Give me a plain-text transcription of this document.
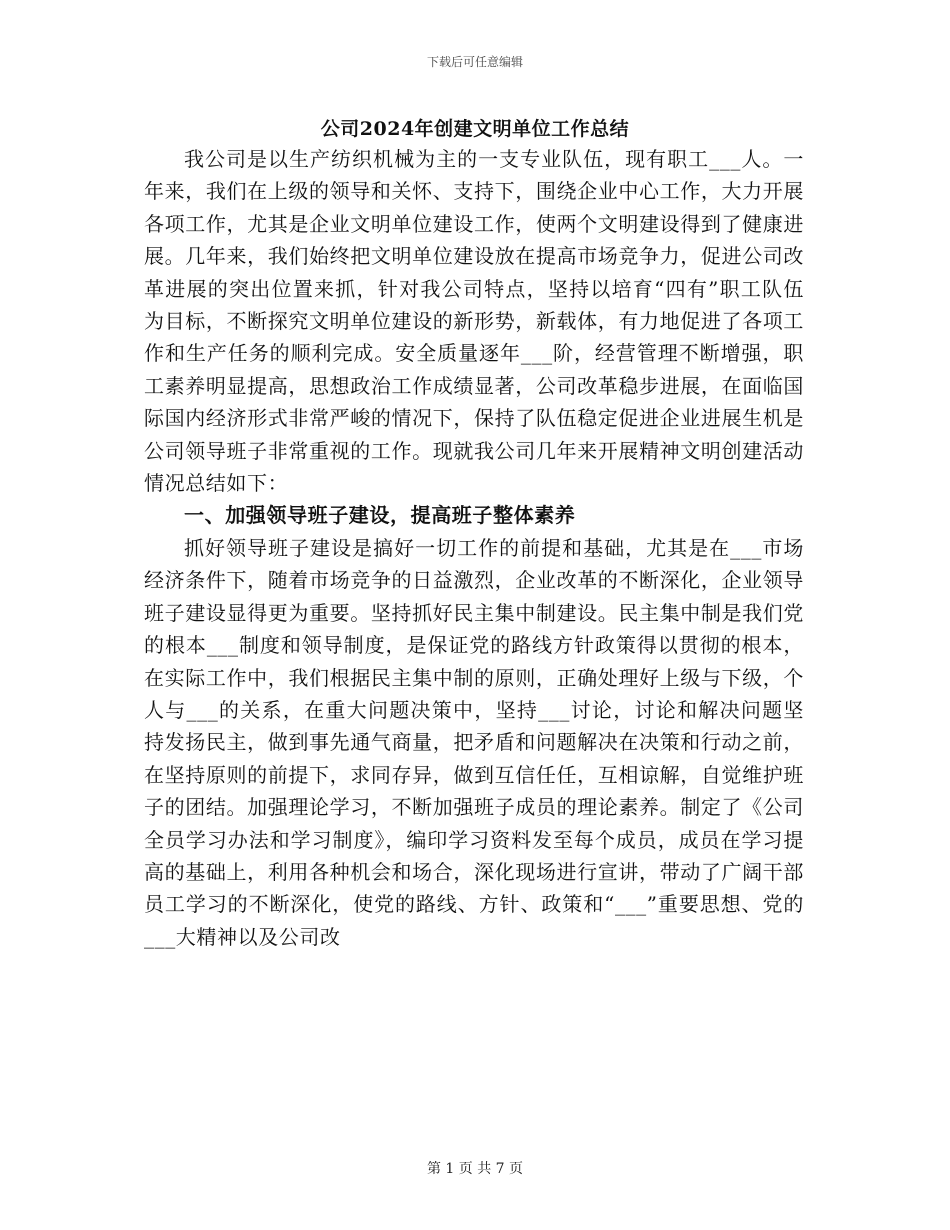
下载后可任意编辑
公司2024年创建文明单位工作总结

我公司是以生产纺织机械为主的一支专业队伍，现有职工___人。一年来，我们在上级的领导和关怀、支持下，围绕企业中心工作，大力开展各项工作，尤其是企业文明单位建设工作，使两个文明建设得到了健康进展。几年来，我们始终把文明单位建设放在提高市场竞争力，促进公司改革进展的突出位置来抓，针对我公司特点，坚持以培育“四有”职工队伍为目标，不断探究文明单位建设的新形势，新载体，有力地促进了各项工作和生产任务的顺利完成。安全质量逐年___阶，经营管理不断增强，职工素养明显提高，思想政治工作成绩显著，公司改革稳步进展，在面临国际国内经济形式非常严峻的情况下，保持了队伍稳定促进企业进展生机是公司领导班子非常重视的工作。现就我公司几年来开展精神文明创建活动情况总结如下：

一、加强领导班子建设，提高班子整体素养

抓好领导班子建设是搞好一切工作的前提和基础，尤其是在___市场经济条件下，随着市场竞争的日益激烈，企业改革的不断深化，企业领导班子建设显得更为重要。坚持抓好民主集中制建设。民主集中制是我们党的根本___制度和领导制度，是保证党的路线方针政策得以贯彻的根本，在实际工作中，我们根据民主集中制的原则，正确处理好上级与下级，个人与___的关系，在重大问题决策中，坚持___讨论，讨论和解决问题坚持发扬民主，做到事先通气商量，把矛盾和问题解决在决策和行动之前，在坚持原则的前提下，求同存异，做到互信任任，互相谅解，自觉维护班子的团结。加强理论学习，不断加强班子成员的理论素养。制定了《公司全员学习办法和学习制度》，编印学习资料发至每个成员，成员在学习提高的基础上，利用各种机会和场合，深化现场进行宣讲，带动了广阔干部员工学习的不断深化，使党的路线、方针、政策和“___”重要思想、党的___大精神以及公司改

第 1 页 共 7 页
